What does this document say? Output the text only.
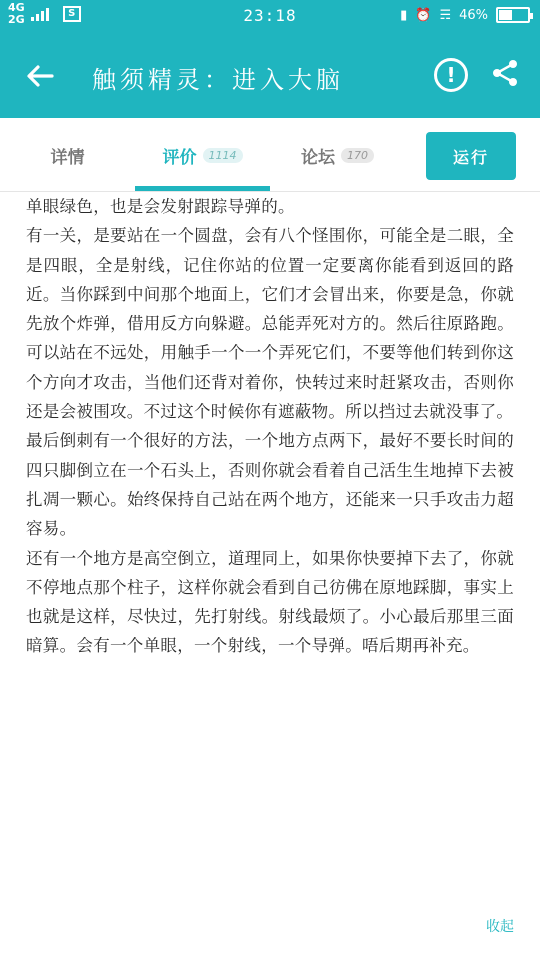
4G
2G	S	23:18	▮ ⏰ ☴ 46%
触须精灵：进入大脑	!
详情	评价	1114	论坛	170	运行

单眼绿色，也是会发射跟踪导弹的。

有一关，是要站在一个圆盘，会有八个怪围你，可能全是二眼，全是四眼，全是射线，记住你站的位置一定要离你能看到返回的路近。当你踩到中间那个地面上，它们才会冒出来，你要是急，你就先放个炸弹，借用反方向躲避。总能弄死对方的。然后往原路跑。可以站在不远处，用触手一个一个弄死它们，不要等他们转到你这个方向才攻击，当他们还背对着你，快转过来时赶紧攻击，否则你还是会被围攻。不过这个时候你有遮蔽物。所以挡过去就没事了。

最后倒刺有一个很好的方法，一个地方点两下，最好不要长时间的四只脚倒立在一个石头上，否则你就会看着自己活生生地掉下去被扎凋一颗心。始终保持自己站在两个地方，还能来一只手攻击力超容易。

还有一个地方是高空倒立，道理同上，如果你快要掉下去了，你就不停地点那个柱子，这样你就会看到自己彷佛在原地踩脚，事实上也就是这样，尽快过，先打射线。射线最烦了。小心最后那里三面暗算。会有一个单眼，一个射线，一个导弹。唔后期再补充。

收起
